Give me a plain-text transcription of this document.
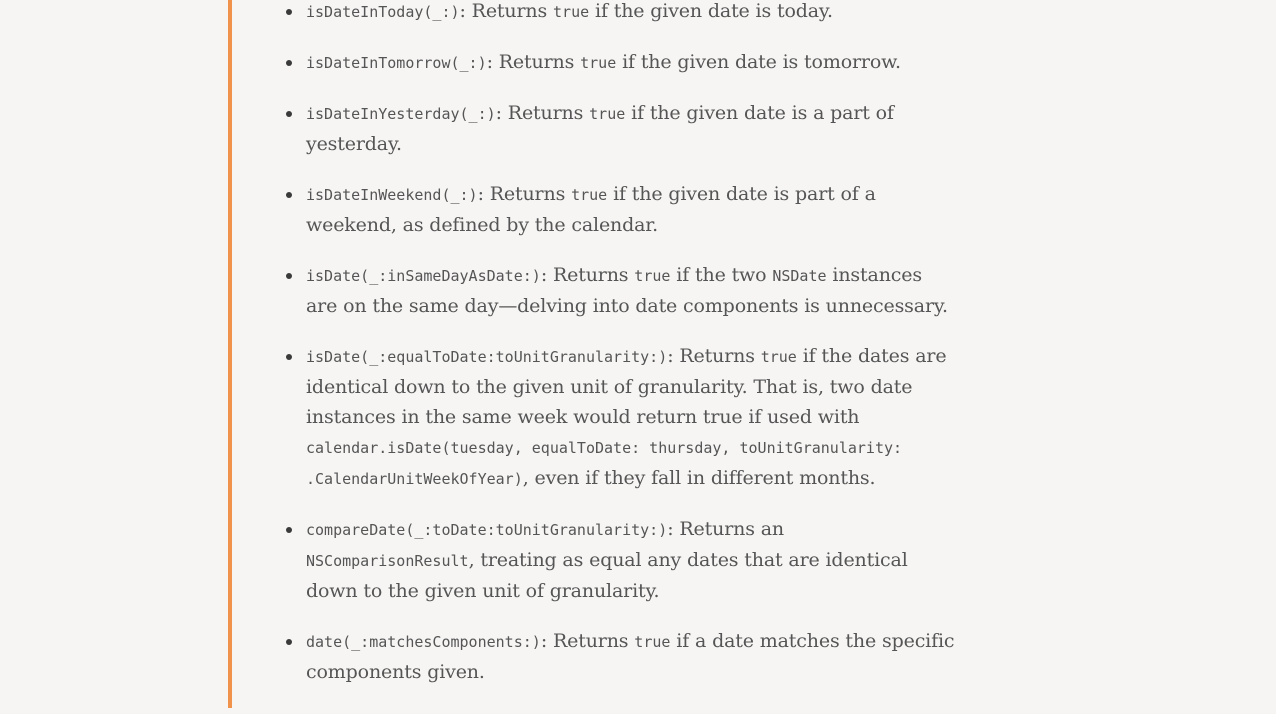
isDateInToday(_:): Returns true if the given date is today.
isDateInTomorrow(_:): Returns true if the given date is tomorrow.
isDateInYesterday(_:): Returns true if the given date is a part of yesterday.
isDateInWeekend(_:): Returns true if the given date is part of a weekend, as defined by the calendar.
isDate(_:inSameDayAsDate:): Returns true if the two NSDate instances are on the same day—delving into date components is unnecessary.
isDate(_:equalToDate:toUnitGranularity:): Returns true if the dates are identical down to the given unit of granularity. That is, two date instances in the same week would return true if used with calendar.isDate(tuesday, equalToDate: thursday, toUnitGranularity: .CalendarUnitWeekOfYear), even if they fall in different months.
compareDate(_:toDate:toUnitGranularity:): Returns an NSComparisonResult, treating as equal any dates that are identical down to the given unit of granularity.
date(_:matchesComponents:): Returns true if a date matches the specific components given.
